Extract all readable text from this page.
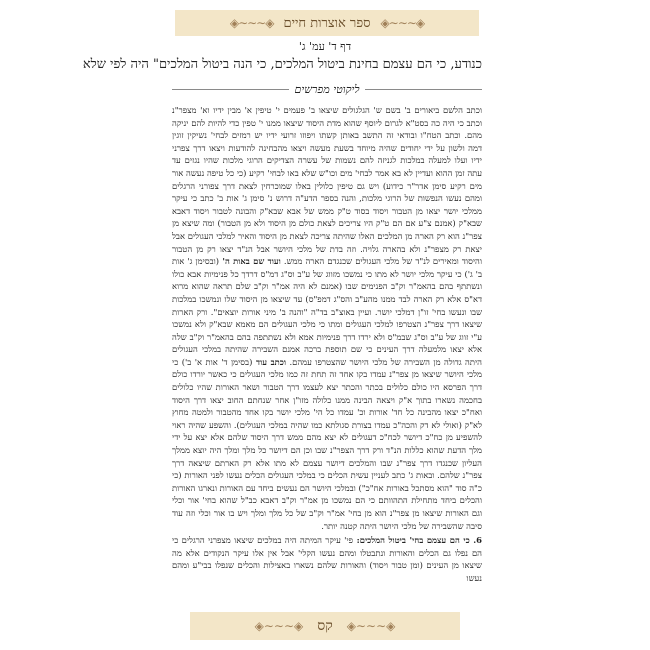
◈∽∽∽◈
ספר אוצרות חיים
◈∽∽∽◈
דף ד' עמ' ג'
כנודע, כי הם עצמם בחינת ביטול המלכים, כי הנה ביטול המלכים" היה לפי שלא
ליקוטי מפרשים

וכתב הלשם ביאורים ב' בשם ש' הגלגולים שיצאו ב' פעמים י' טיפין א' מבין ידיו וא' מצפר"נ וכתב כי היה כה בסט"א לגרום ליוסף שהוא מדת היסוד שיצאו ממנו י' טפין כדי להיות להם יניקה מהם. וכתב הטח"ו ובודאי זה התשב באותן קשתו ויפוזו זרועי ידיו יש רמזים לבחי' נשיקין זוגין דמה ולשון על ידי יחודים שהיה מיוחד בשעת מעשה ויצאו מהבחינה להודעות ויצאו דרך צפרני ידיו ועלו למעלה במלכות לגניזה להם נשמות של עשרה הצדיקים הרוגי מלכות שהיו נגזים עד עתה זמן ההוא ועדיין לא בא אמר לבחי' מים וכו"ש שלא באו לבחי' רקיע (כי כל טיפה נעשה אור מים רקיע סימן אדר"ר כידוע) ויש גם טיפין כלולין באלו שמוכרחין לצאת דרך צפורני הרגלים ומהם נעשו הנפשות של הרוגי מלכות, והנה בספר הדע"ה דרוש נ' סימן ג' אות ב' כתב כי עיקר ממלכי יושר יצאו מן הטבור ויסוד בסוד ט"ק ממש של אבא שבא"ק והבונה לטבור ויסוד דאבא שבא"ק (אמנם צ"ע אם הם ט"ק היו צריכים לצאת כולם מן היסוד ולא מן הטבור) ומה שיצא מן צפר"נ הוא רק הארה מן המלכים האלו שהיתה צריכה לצאת מן היסוד והאיר למלכי העגולים אבל יצאת רק מצפר"נ ולא בהארה גלויה. וזה בדת של מלכי היושר אבל הנ"ד יצאו רק מן הטבור והיסוד ומאירים לנ"ד של מלכי העגולים שכנגדם הארה ממש. ועוד שם באות ה' (ובסימן ג' אות ב' ג') כי עיקר מלכי יושר לא מתו כי נמשכו מזווג של ע"ב וס"ג דמ"ס דרדך כל פנימיות אבא כולו ונשתתף בהם בהאמ"ר וק"ב הפנימים שבו (אמנם לא היה אמ"ר וק"ב שלם תראה שהוא מרוא דא"ס אלא רק הארה לבד ממנו מהע"ב והס"ג דמפ"ס) עד שיצאו מן היסוד שלו ונמשכו במלכות שבו ונעשו בחי' זו"ן דמלכי יושר. ועיין באוצ"ב בד"ה "והנה ב' מיני אורות יוצאים". ורק הארות שיצאו דרך צפר"נ הצטרפו למלכי העגולים ומתו כי מלכי העגולים הם מאמא שבא"ק ולא נמשכו ע"י זווג של ע"ב וס"ג שבמ"ס ולא ירדו דרך פנימיות אמא ולא נשתתפה בהם בהאמ"ר וק"ב שלה אלא יצאו מלמעלה דרך העינים כי שם תוספת ברכה אמנם השבירה שהיתה במלכי העגולים היתה גדולה מן השבירה של מלכי היושר שהצטרפו עמהם. וכתב עוד (בסימן ד' אות א' ב') כי מלכי היושר שיצאו מן צפר"נ עמדו בקו אחד זה תחת זה כמו מלכי העגולים כי כאשר יורדו כולם דרך הפרסא היו כולם כלולים בכתר והכתר יצא לעצמו דרך הטבור ושאר האורות שהיו כלולים בחכמה נשארו בתוך א"ק ויצאה הבינה ממנו כלולה מזו"ן אחר שנחתם החוב יצאו דרך היסוד ואח"כ יצאו מהבינה כל חד' אורות וכ' עמדו כל הי' מלכי יושר בקו אחד מהטבור ולמטה מחוץ לא"ק (ואולי לא דק והכה"כ עמדו בצורת סגולתא כמו שהיה במלכי העגולים). והשפע שהיה ראוי להשפיע מן כח"כ דיושר לכח"כ דעגולים לא יצא מהם ממש דרך היסוד שלהם אלא יצא על ידי מלך הדעת שהוא כללות הנ"ד ורק דרך הצפר"נ שבו וכן הם דיושר כל מלך ומלך היה יוצא ממלך העליון שכנגדו דרך צפר"נ שבו והמלכים דיושר עצמם לא מתו אלא רק הארתם שיצאה דרך צפר"נ שלהם. ובאות ג' כתב לעניין עשית הכלים כי במלכי העגולים הכלים נעשו לפני האורות (כי כ"ה סוד "הוא מסתכל באורות אח"כ") ובמלכי היושר הם נעשים ביחד עם האורות ונארגו האורות והכלים ביחד מתחילת התהוותם כי הם נמשכו מן אמ"ר וק"ב דאבא כב"ל שהוא בחי' אור וכלי וגם האורות שיצאו מן צפר"נ הוא מן בחי' אמ"ר וק"ב של כל מלך ומלך ויש בו אור וכלי וזה עוד סיבה שהשבירה של מלכי היושר היתה קטנה יותר.

6. כי הם עצמם בחי' ביטול המלכים: פי' עיקר המיתה היה במלכים שיצאו מצפרני הרגלים כי הם נפלו גם הכלים והאורות ונתבטלו ומהם נעשו הקלי' אבל אין אלו עיקר הנקודים אלא מה שיצאו מן העינים (ומן טבור ויסוד) והאורות שלהם נשארו באצילות והכלים שנפלו בבי"ע ומהם נעשו

◈∽∽∽◈
קס
◈∽∽∽◈
